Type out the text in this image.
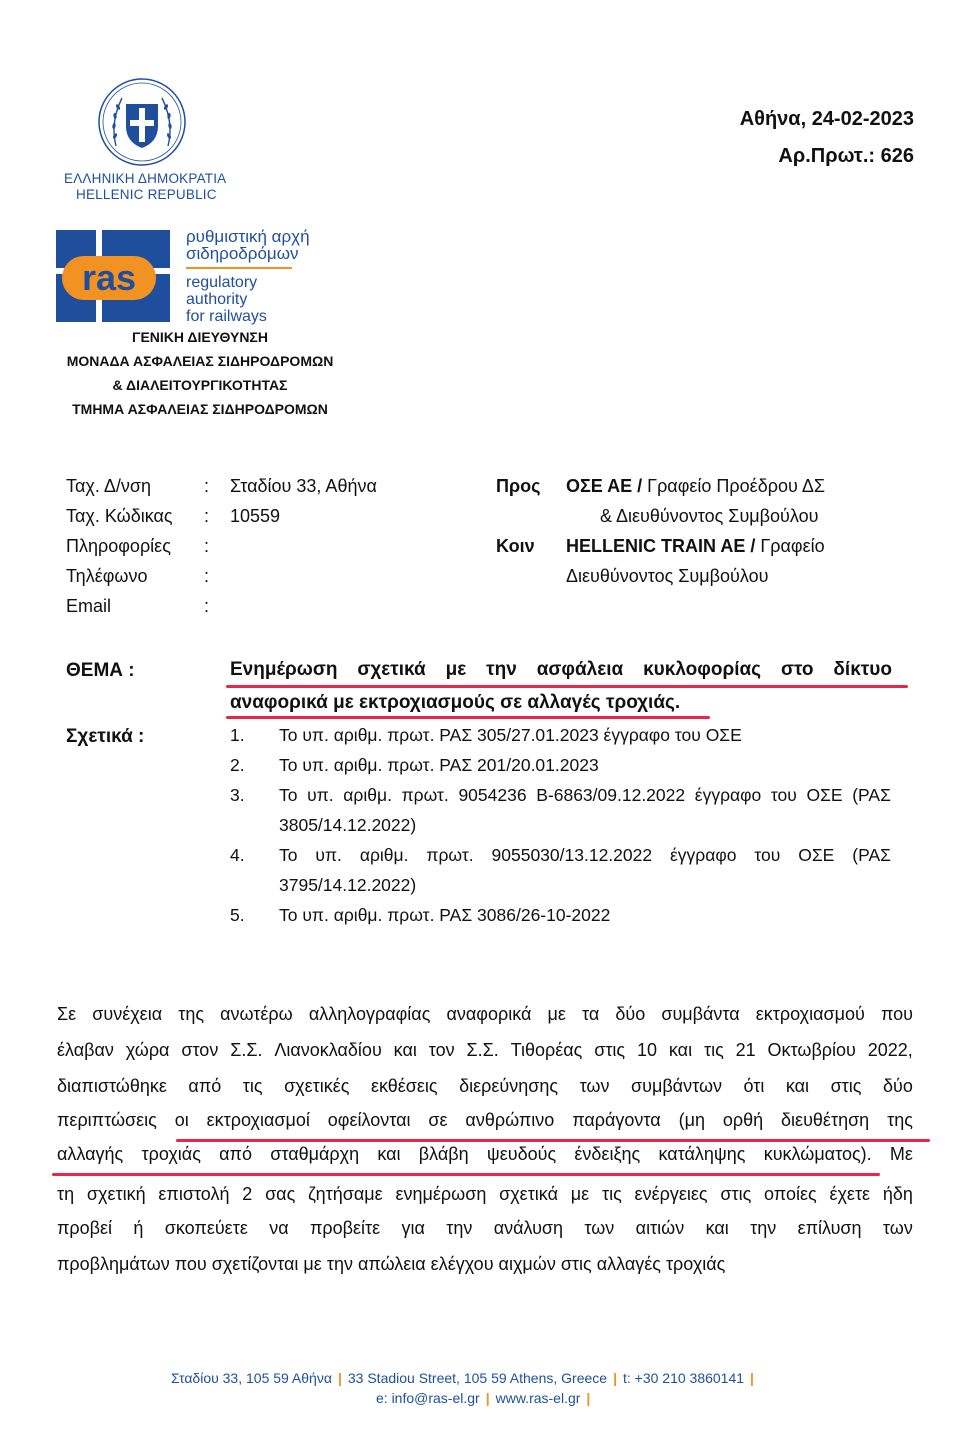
ΕΛΛΗΝΙΚΗ ΔΗΜΟΚΡΑΤΙΑ
HELLENIC REPUBLIC
Αθήνα, 24-02-2023
Αρ.Πρωτ.: 626
ras
ρυθμιστική αρχή
σιδηροδρόμων
regulatory
authority
for railways
ΓΕΝΙΚΗ ΔΙΕΥΘΥΝΣΗ
ΜΟΝΑΔΑ ΑΣΦΑΛΕΙΑΣ ΣΙΔΗΡΟΔΡΟΜΩΝ
& ΔΙΑΛΕΙΤΟΥΡΓΙΚΟΤΗΤΑΣ
ΤΜΗΜΑ ΑΣΦΑΛΕΙΑΣ ΣΙΔΗΡΟΔΡΟΜΩΝ
Ταχ. Δ/νση	: Σταδίου 33, Αθήνα
Ταχ. Κώδικας : 10559
Πληροφορίες :
Τηλέφωνο	:
Email	:
Προς ΟΣΕ ΑΕ / Γραφείο Προέδρου ΔΣ
& Διευθύνοντος Συμβούλου
Κοιν HELLENIC TRAIN AE / Γραφείο
Διευθύνοντος Συμβούλου
ΘΕΜΑ :	Ενημέρωση σχετικά με την ασφάλεια κυκλοφορίας στο δίκτυο
αναφορικά με εκτροχιασμούς σε αλλαγές τροχιάς.
Σχετικά :	1. Το υπ. αριθμ. πρωτ. ΡΑΣ 305/27.01.2023 έγγραφο του ΟΣΕ
2. Το υπ. αριθμ. πρωτ. ΡΑΣ 201/20.01.2023
3. Το υπ. αριθμ. πρωτ. 9054236 Β-6863/09.12.2022 έγγραφο του ΟΣΕ (ΡΑΣ
3805/14.12.2022)
4. Το υπ. αριθμ. πρωτ. 9055030/13.12.2022 έγγραφο του ΟΣΕ (ΡΑΣ
3795/14.12.2022)
5. Το υπ. αριθμ. πρωτ. ΡΑΣ 3086/26-10-2022
Σε συνέχεια της ανωτέρω αλληλογραφίας αναφορικά με τα δύο συμβάντα εκτροχιασμού που
έλαβαν χώρα στον Σ.Σ. Λιανοκλαδίου και τον Σ.Σ. Τιθορέας στις 10 και τις 21 Οκτωβρίου 2022,
διαπιστώθηκε από τις σχετικές εκθέσεις διερεύνησης των συμβάντων ότι και στις δύο
περιπτώσεις οι εκτροχιασμοί οφείλονται σε ανθρώπινο παράγοντα (μη ορθή διευθέτηση της
αλλαγής τροχιάς από σταθμάρχη και βλάβη ψευδούς ένδειξης κατάληψης κυκλώματος). Με
τη σχετική επιστολή 2 σας ζητήσαμε ενημέρωση σχετικά με τις ενέργειες στις οποίες έχετε ήδη
προβεί ή σκοπεύετε να προβείτε για την ανάλυση των αιτιών και την επίλυση των
προβλημάτων που σχετίζονται με την απώλεια ελέγχου αιχμών στις αλλαγές τροχιάς
Σταδίου 33, 105 59 Αθήνα | 33 Stadiou Street, 105 59 Athens, Greece | t: +30 210 3860141 |
e: info@ras-el.gr | www.ras-el.gr |
